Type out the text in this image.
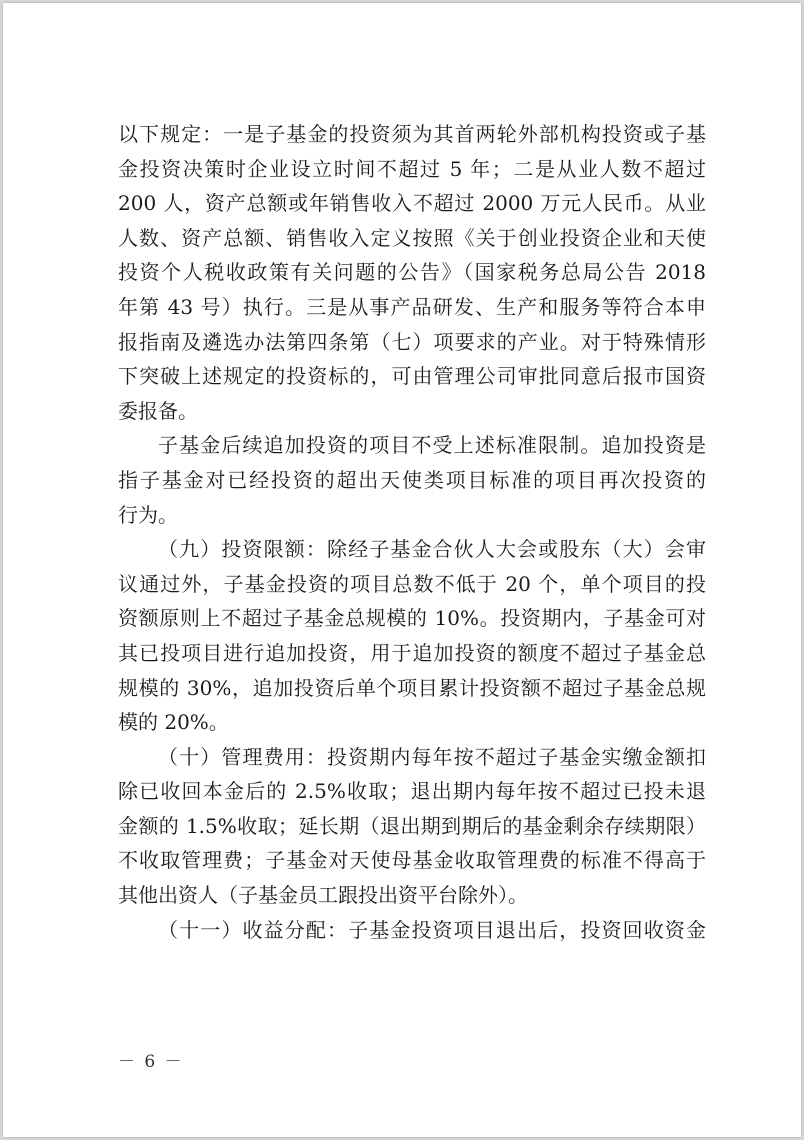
以下规定：一是子基金的投资须为其首两轮外部机构投资或子基
金投资决策时企业设立时间不超过 5 年；二是从业人数不超过
200 人，资产总额或年销售收入不超过 2000 万元人民币。从业
人数、资产总额、销售收入定义按照《关于创业投资企业和天使
投资个人税收政策有关问题的公告》（国家税务总局公告 2018
年第 43 号）执行。三是从事产品研发、生产和服务等符合本申
报指南及遴选办法第四条第（七）项要求的产业。对于特殊情形
下突破上述规定的投资标的，可由管理公司审批同意后报市国资
委报备。

子基金后续追加投资的项目不受上述标准限制。追加投资是
指子基金对已经投资的超出天使类项目标准的项目再次投资的
行为。

（九）投资限额：除经子基金合伙人大会或股东（大）会审
议通过外，子基金投资的项目总数不低于 20 个，单个项目的投
资额原则上不超过子基金总规模的 10%。投资期内，子基金可对
其已投项目进行追加投资，用于追加投资的额度不超过子基金总
规模的 30%，追加投资后单个项目累计投资额不超过子基金总规
模的 20%。

（十）管理费用：投资期内每年按不超过子基金实缴金额扣
除已收回本金后的 2.5%收取；退出期内每年按不超过已投未退
金额的 1.5%收取；延长期（退出期到期后的基金剩余存续期限）
不收取管理费；子基金对天使母基金收取管理费的标准不得高于
其他出资人（子基金员工跟投出资平台除外）。

（十一）收益分配：子基金投资项目退出后，投资回收资金

－ 6 －
